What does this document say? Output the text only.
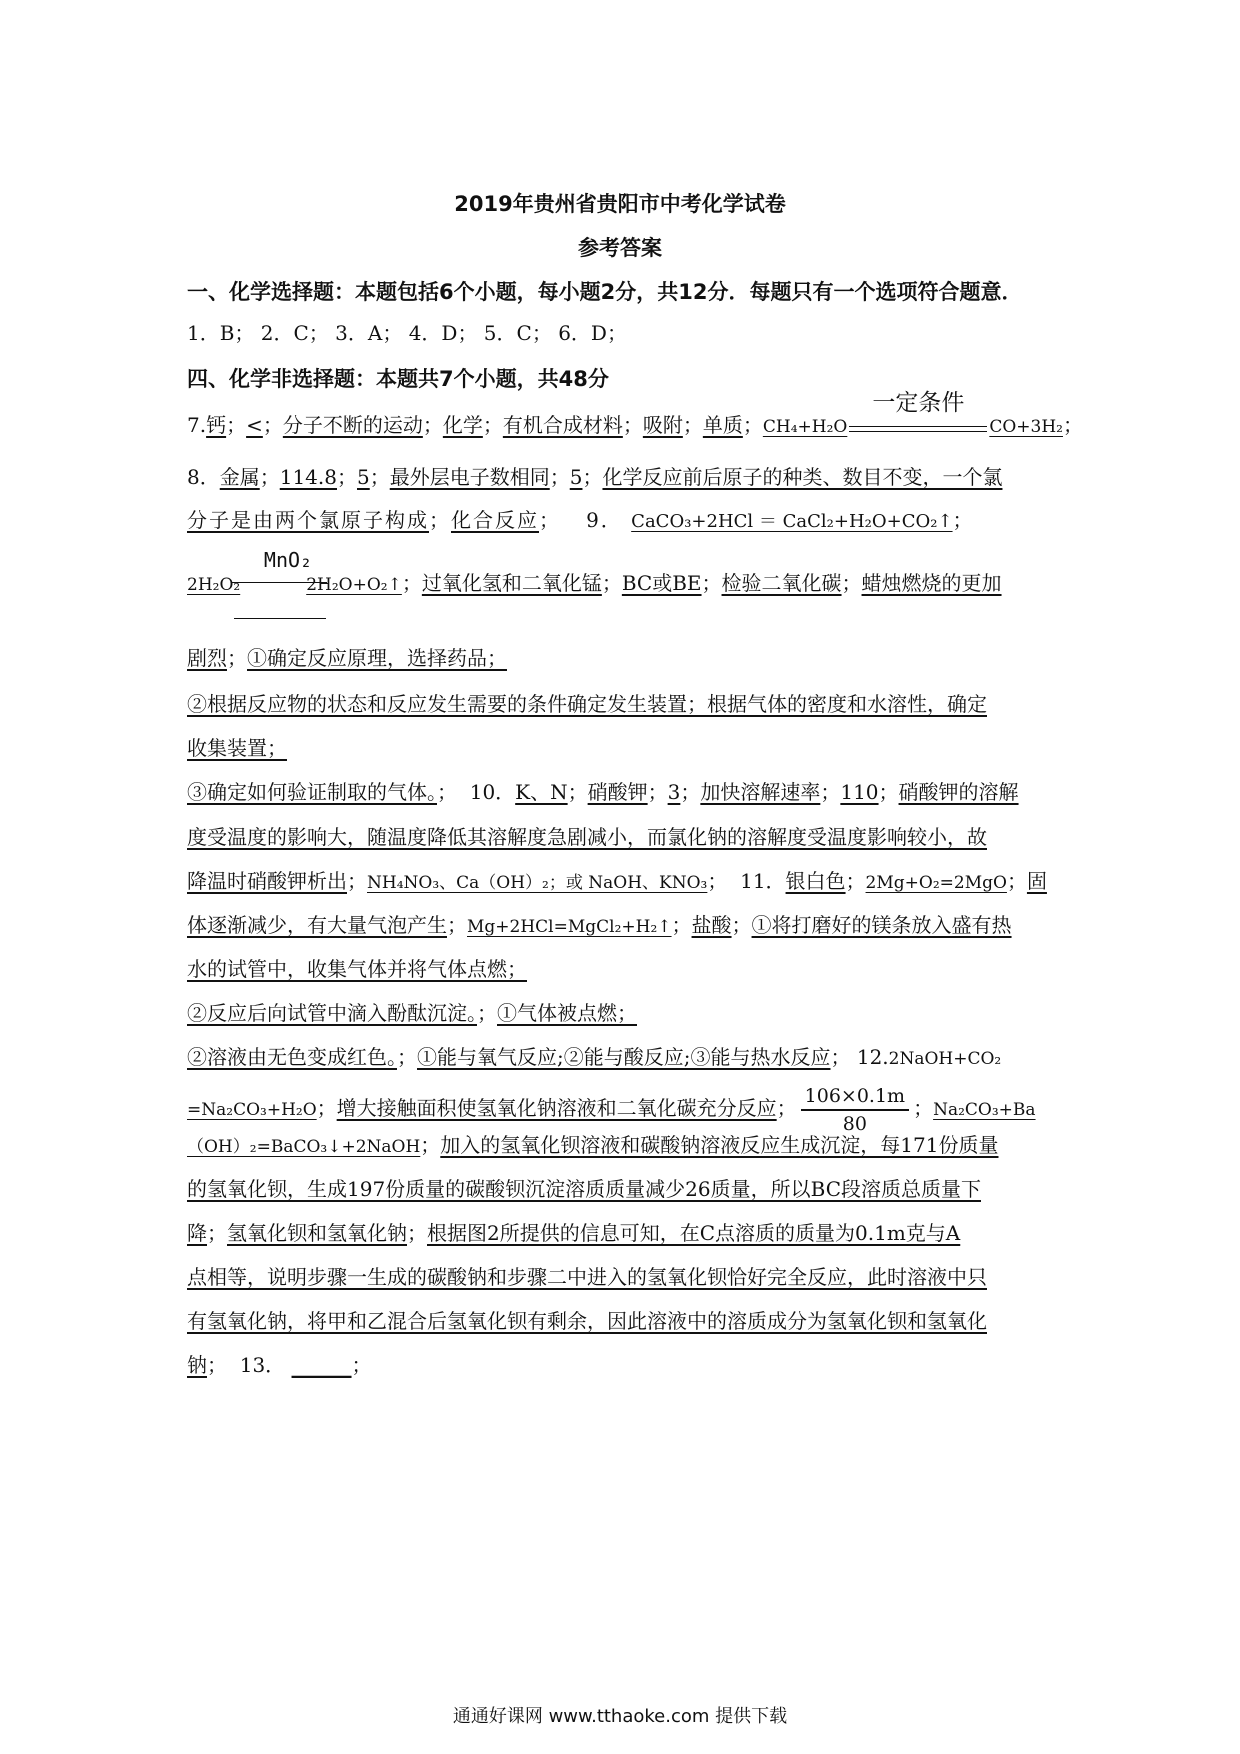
2019年贵州省贵阳市中考化学试卷
参考答案
一、化学选择题：本题包括6个小题，每小题2分，共12分．每题只有一个选项符合题意．
1．B； 2．C； 3．A； 4．D； 5．C； 6．D；
四、化学非选择题：本题共7个小题，共48分
7.钙；<；分子不断的运动；化学；有机合成材料；吸附；单质；CH₄+H₂O
一定条件
CO+3H₂；
8．金属；114.8；5；最外层电子数相同；5；化学反应前后原子的种类、数目不变，一个氯
分子是由两个氯原子构成；化合反应；   9． CaCO₃+2HCl ＝ CaCl₂+H₂O+CO₂↑；
MnO₂
2H₂O₂	2H₂O+O₂↑；过氧化氢和二氧化锰；BC或BE；检验二氧化碳；蜡烛燃烧的更加
剧烈；①确定反应原理，选择药品；
②根据反应物的状态和反应发生需要的条件确定发生装置；根据气体的密度和水溶性，确定
收集装置；
③确定如何验证制取的气体。；  10．K、N；硝酸钾；3；加快溶解速率；110；硝酸钾的溶解
度受温度的影响大，随温度降低其溶解度急剧减小，而氯化钠的溶解度受温度影响较小，故
降温时硝酸钾析出；NH₄NO₃、Ca（OH）₂；或 NaOH、KNO₃；  11．银白色；2Mg+O₂=2MgO；固
体逐渐减少，有大量气泡产生；Mg+2HCl=MgCl₂+H₂↑；盐酸；①将打磨好的镁条放入盛有热
水的试管中，收集气体并将气体点燃；
②反应后向试管中滴入酚酞沉淀。；①气体被点燃；
②溶液由无色变成红色。；①能与氧气反应;②能与酸反应;③能与热水反应； 12.2NaOH+CO₂
=Na₂CO₃+H₂O；增大接触面积使氢氧化钠溶液和二氧化碳充分反应； $\frac{106\times 0.1m}{80}$ ；Na₂CO₃+Ba
（OH）₂=BaCO₃↓+2NaOH；加入的氢氧化钡溶液和碳酸钠溶液反应生成沉淀，每171份质量
的氢氧化钡，生成197份质量的碳酸钡沉淀溶质质量减少26质量，所以BC段溶质总质量下
降；氢氧化钡和氢氧化钠；根据图2所提供的信息可知，在C点溶质的质量为0.1m克与A
点相等，说明步骤一生成的碳酸钠和步骤二中进入的氢氧化钡恰好完全反应，此时溶液中只
有氢氧化钠，将甲和乙混合后氢氧化钡有剩余，因此溶液中的溶质成分为氢氧化钡和氢氧化
钠；  13． ______；
通通好课网 www.tthaoke.com 提供下载
